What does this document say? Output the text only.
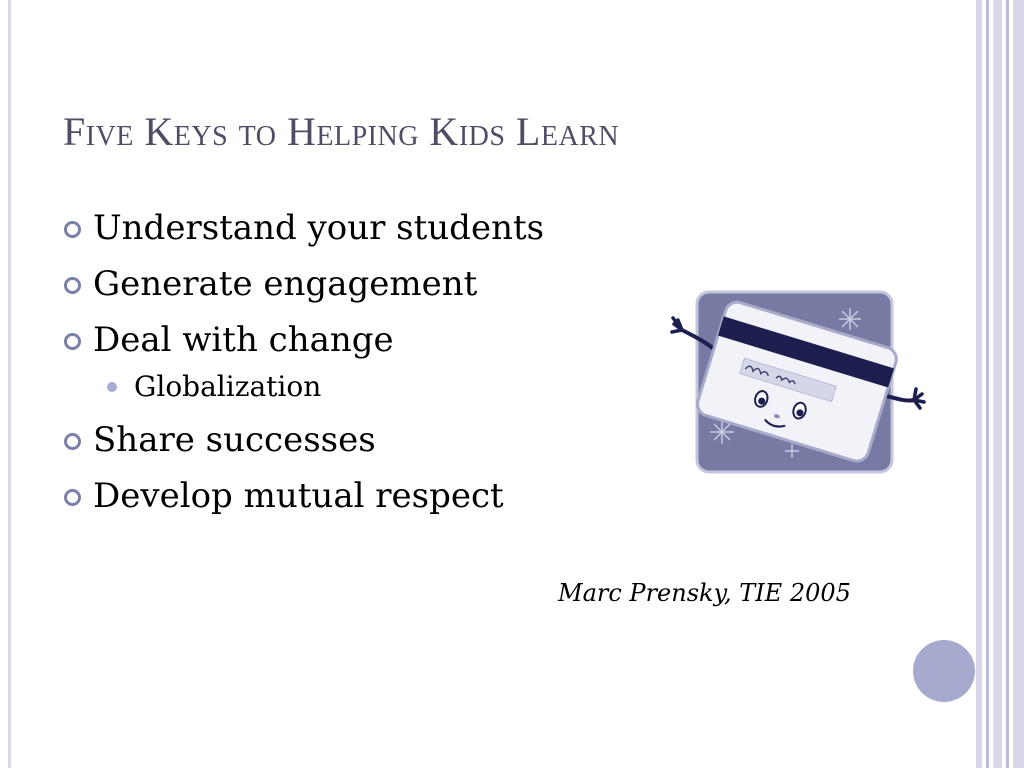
Five Keys to Helping Kids Learn
Understand your students
Generate engagement
Deal with change
Globalization
Share successes
Develop mutual respect
Marc Prensky, TIE 2005
